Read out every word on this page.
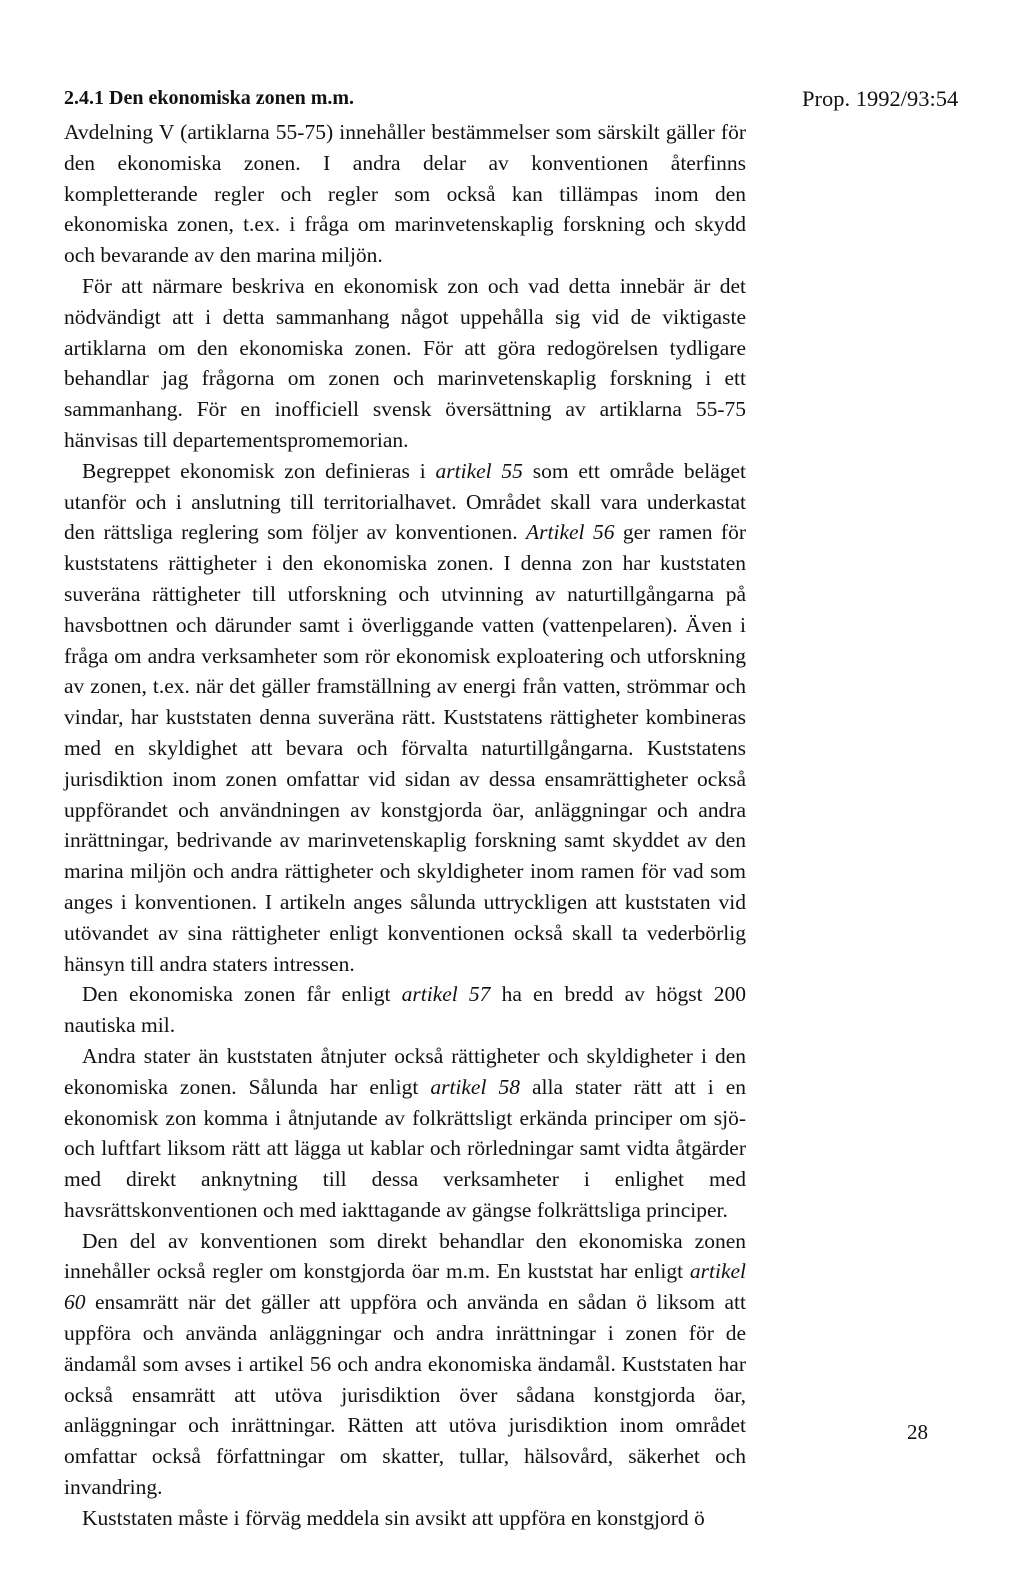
2.4.1 Den ekonomiska zonen m.m.	Prop. 1992/93:54

Avdelning V (artiklarna 55-75) innehåller bestämmelser som särskilt gäller för den ekonomiska zonen. I andra delar av konventionen återfinns kompletterande regler och regler som också kan tillämpas inom den ekonomiska zonen, t.ex. i fråga om marinvetenskaplig forskning och skydd och bevarande av den marina miljön.

För att närmare beskriva en ekonomisk zon och vad detta innebär är det nödvändigt att i detta sammanhang något uppehålla sig vid de viktigaste artiklarna om den ekonomiska zonen. För att göra redogörelsen tydligare behandlar jag frågorna om zonen och marinvetenskaplig forskning i ett sammanhang. För en inofficiell svensk översättning av artiklarna 55-75 hänvisas till departementspromemorian.

Begreppet ekonomisk zon definieras i artikel 55 som ett område beläget utanför och i anslutning till territorialhavet. Området skall vara underkastat den rättsliga reglering som följer av konventionen. Artikel 56 ger ramen för kuststatens rättigheter i den ekonomiska zonen. I denna zon har kuststaten suveräna rättigheter till utforskning och utvinning av naturtillgångarna på havsbottnen och därunder samt i överliggande vatten (vattenpelaren). Även i fråga om andra verksamheter som rör ekonomisk exploatering och utforskning av zonen, t.ex. när det gäller framställning av energi från vatten, strömmar och vindar, har kuststaten denna suveräna rätt. Kuststatens rättigheter kombineras med en skyldighet att bevara och förvalta naturtillgångarna. Kuststatens jurisdiktion inom zonen omfattar vid sidan av dessa ensamrättigheter också uppförandet och användningen av konstgjorda öar, anläggningar och andra inrättningar, bedrivande av marinvetenskaplig forskning samt skyddet av den marina miljön och andra rättigheter och skyldigheter inom ramen för vad som anges i konventionen. I artikeln anges sålunda uttryckligen att kuststaten vid utövandet av sina rättigheter enligt konventionen också skall ta vederbörlig hänsyn till andra staters intressen.

Den ekonomiska zonen får enligt artikel 57 ha en bredd av högst 200 nautiska mil.

Andra stater än kuststaten åtnjuter också rättigheter och skyldigheter i den ekonomiska zonen. Sålunda har enligt artikel 58 alla stater rätt att i en ekonomisk zon komma i åtnjutande av folkrättsligt erkända principer om sjö- och luftfart liksom rätt att lägga ut kablar och rörledningar samt vidta åtgärder med direkt anknytning till dessa verksamheter i enlighet med havsrättskonventionen och med iakttagande av gängse folkrättsliga principer.

Den del av konventionen som direkt behandlar den ekonomiska zonen innehåller också regler om konstgjorda öar m.m. En kuststat har enligt artikel 60 ensamrätt när det gäller att uppföra och använda en sådan ö liksom att uppföra och använda anläggningar och andra inrättningar i zonen för de ändamål som avses i artikel 56 och andra ekonomiska ändamål. Kuststaten har också ensamrätt att utöva jurisdiktion över sådana konstgjorda öar, anläggningar och inrättningar. Rätten att utöva jurisdiktion inom området omfattar också författningar om skatter, tullar, hälsovård, säkerhet och invandring.

Kuststaten måste i förväg meddela sin avsikt att uppföra en konstgjord ö

28
